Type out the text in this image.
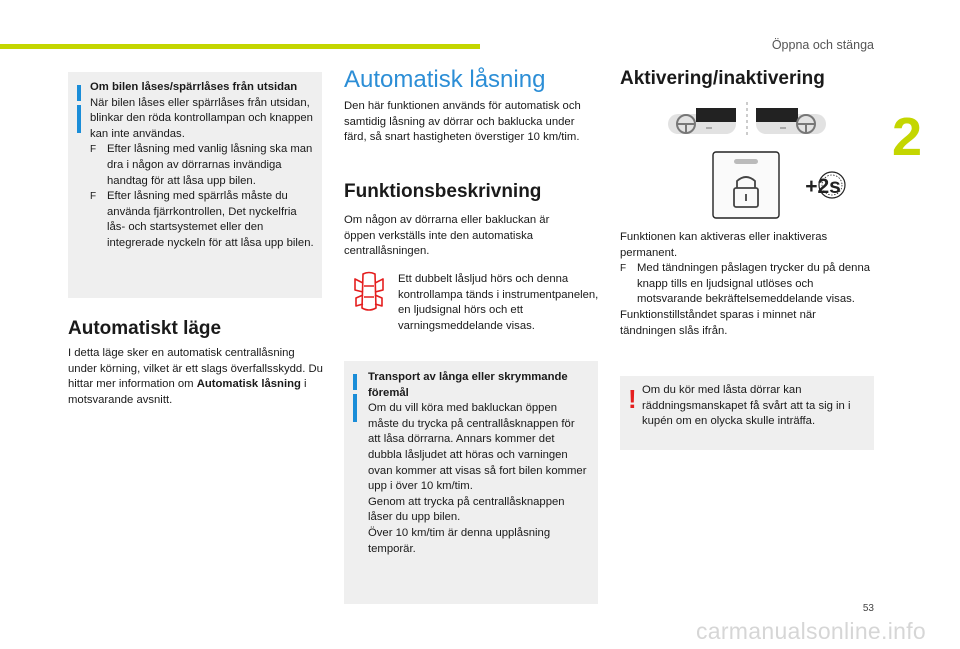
Öppna och stänga
2

Om bilen låses/spärrlåses från utsidan

När bilen låses eller spärrlåses från utsidan, blinkar den röda kontrollampan och knappen kan inte användas.

F Efter låsning med vanlig låsning ska man dra i någon av dörrarnas invändiga handtag för att låsa upp bilen.
F Efter låsning med spärrlås måste du använda fjärrkontrollen, Det nyckelfria lås- och startsystemet eller den integrerade nyckeln för att låsa upp bilen.
Automatiskt läge
I detta läge sker en automatisk centrallåsning under körning, vilket är ett slags överfallsskydd. Du hittar mer information om Automatisk låsning i motsvarande avsnitt.
Automatisk låsning

Den här funktionen används för automatisk och samtidig låsning av dörrar och baklucka under färd, så snart hastigheten överstiger 10 km/tim.

Funktionsbeskrivning

Om någon av dörrarna eller bakluckan är öppen verkställs inte den automatiska centrallåsningen.

Ett dubbelt låsljud hörs och denna kontrollampa tänds i instrumentpanelen, en ljudsignal hörs och ett varningsmeddelande visas.

Transport av långa eller skrymmande föremål

Om du vill köra med bakluckan öppen måste du trycka på centrallåsknappen för att låsa dörrarna. Annars kommer det dubbla låsljudet att höras och varningen ovan kommer att visas så fort bilen kommer upp i över 10 km/tim.
Genom att trycka på centrallåsknappen låser du upp bilen.
Över 10 km/tim är denna upplåsning temporär.

Aktivering/inaktivering
+2s

Funktionen kan aktiveras eller inaktiveras permanent.

F Med tändningen påslagen trycker du på denna knapp tills en ljudsignal utlöses och motsvarande bekräftelsemeddelande visas.

Funktionstillståndet sparas i minnet när tändningen slås ifrån.

! Om du kör med låsta dörrar kan räddningsmanskapet få svårt att ta sig in i kupén om en olycka skulle inträffa.

53
carmanualsonline.info
